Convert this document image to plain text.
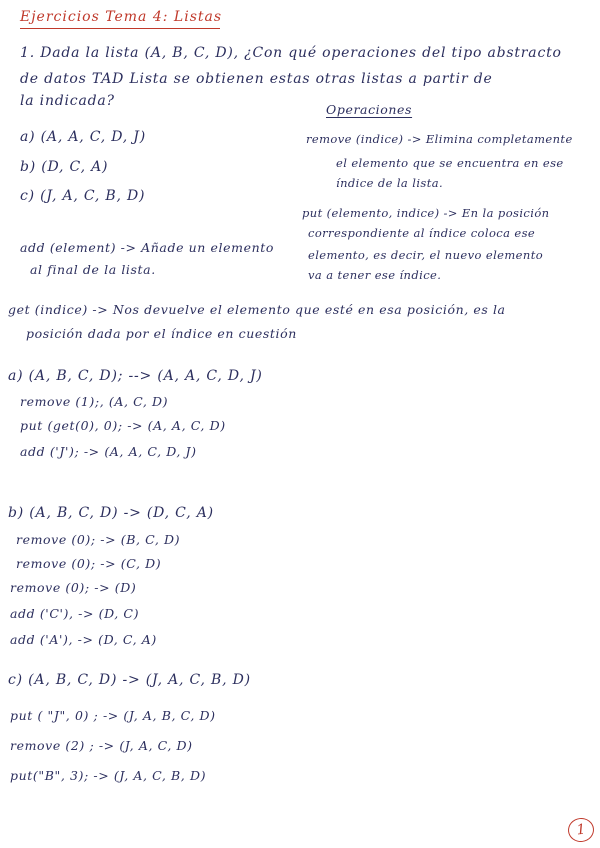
Ejercicios Tema 4: Listas
1. Dada la lista (A, B, C, D), ¿Con qué operaciones del tipo abstracto
de datos TAD Lista se obtienen estas otras listas a partir de
la indicada?
a) (A, A, C, D, J)
b) (D, C, A)
c) (J, A, C, B, D)
Operaciones
remove (indice) -> Elimina completamente
el elemento que se encuentra en ese
índice de la lista.
put (elemento, indice) -> En la posición
correspondiente al índice coloca ese
elemento, es decir, el nuevo elemento
va a tener ese índice.
add (element) -> Añade un elemento
al final de la lista.
get (indice) -> Nos devuelve el elemento que esté en esa posición, es la
posición dada por el índice en cuestión
a) (A, B, C, D); --> (A, A, C, D, J)
remove (1);, (A, C, D)
put (get(0), 0); -> (A, A, C, D)
add ('J'); -> (A, A, C, D, J)
b) (A, B, C, D) -> (D, C, A)
remove (0); -> (B, C, D)
remove (0); -> (C, D)
remove (0); -> (D)
add ('C'), -> (D, C)
add ('A'), -> (D, C, A)
c) (A, B, C, D) -> (J, A, C, B, D)
put ( "J", 0) ; -> (J, A, B, C, D)
remove (2) ; -> (J, A, C, D)
put("B", 3); -> (J, A, C, B, D)
1
